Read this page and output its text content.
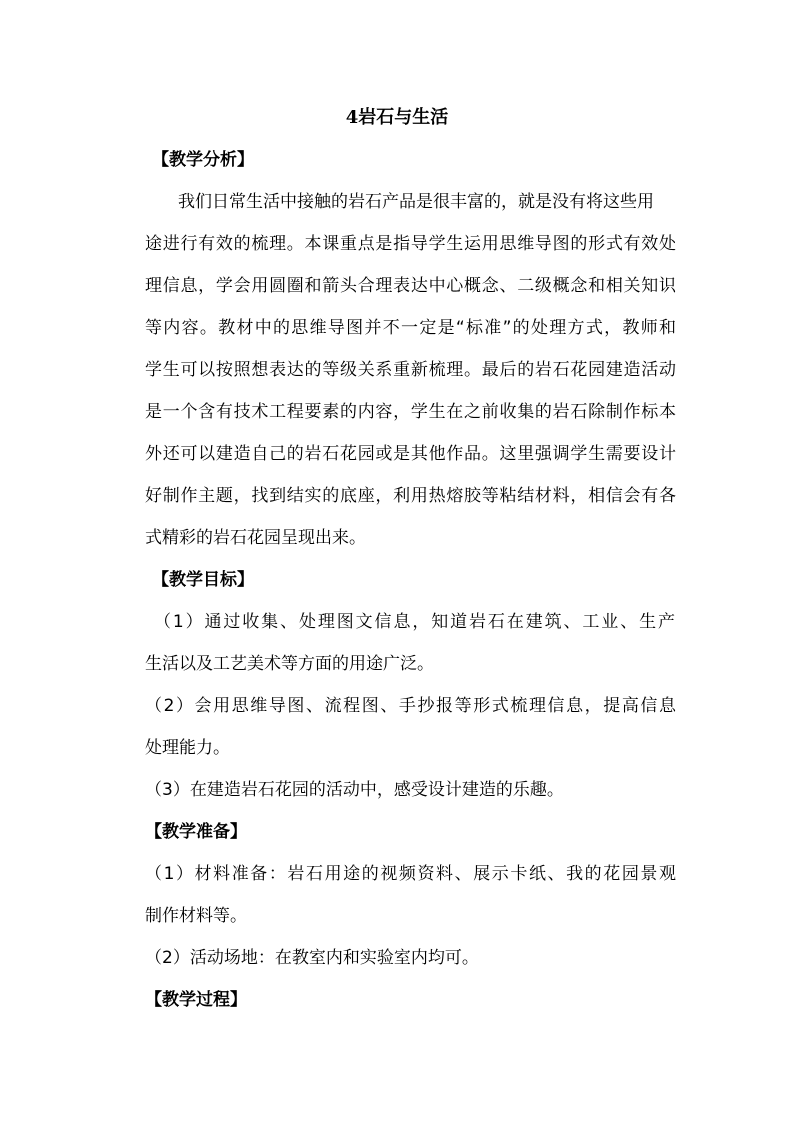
4岩石与生活
【教学分析】
我们日常生活中接触的岩石产品是很丰富的，就是没有将这些用
途进行有效的梳理。本课重点是指导学生运用思维导图的形式有效处
理信息，学会用圆圈和箭头合理表达中心概念、二级概念和相关知识
等内容。教材中的思维导图并不一定是“标准”的处理方式，教师和
学生可以按照想表达的等级关系重新梳理。最后的岩石花园建造活动
是一个含有技术工程要素的内容，学生在之前收集的岩石除制作标本
外还可以建造自己的岩石花园或是其他作品。这里强调学生需要设计
好制作主题，找到结实的底座，利用热熔胶等粘结材料，相信会有各
式精彩的岩石花园呈现出来。
【教学目标】
（1）通过收集、处理图文信息，知道岩石在建筑、工业、生产
生活以及工艺美术等方面的用途广泛。
（2）会用思维导图、流程图、手抄报等形式梳理信息，提高信息
处理能力。
（3）在建造岩石花园的活动中，感受设计建造的乐趣。
【教学准备】
（1）材料准备：岩石用途的视频资料、展示卡纸、我的花园景观
制作材料等。
（2）活动场地：在教室内和实验室内均可。
【教学过程】
